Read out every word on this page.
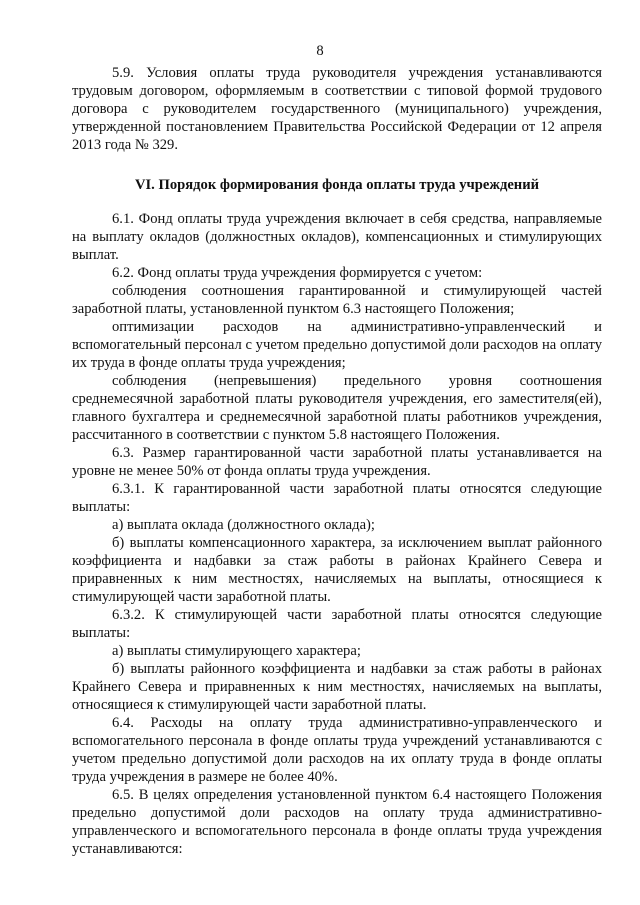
8

5.9. Условия оплаты труда руководителя учреждения устанавливаются трудовым договором, оформляемым в соответствии с типовой формой трудового договора с руководителем государственного (муниципального) учреждения, утвержденной постановлением Правительства Российской Федерации от 12 апреля 2013 года № 329.

VI. Порядок формирования фонда оплаты труда учреждений

6.1. Фонд оплаты труда учреждения включает в себя средства, направляемые на выплату окладов (должностных окладов), компенсационных и стимулирующих выплат.

6.2. Фонд оплаты труда учреждения формируется с учетом:

соблюдения соотношения гарантированной и стимулирующей частей заработной платы, установленной пунктом 6.3 настоящего Положения;

оптимизации расходов на административно-управленческий и вспомогательный персонал с учетом предельно допустимой доли расходов на оплату их труда в фонде оплаты труда учреждения;

соблюдения (непревышения) предельного уровня соотношения среднемесячной заработной платы руководителя учреждения, его заместителя(ей), главного бухгалтера и среднемесячной заработной платы работников учреждения, рассчитанного в соответствии с пунктом 5.8 настоящего Положения.

6.3. Размер гарантированной части заработной платы устанавливается на уровне не менее 50% от фонда оплаты труда учреждения.

6.3.1. К гарантированной части заработной платы относятся следующие выплаты:

а) выплата оклада (должностного оклада);

б) выплаты компенсационного характера, за исключением выплат районного коэффициента и надбавки за стаж работы в районах Крайнего Севера и приравненных к ним местностях, начисляемых на выплаты, относящиеся к стимулирующей части заработной платы.

6.3.2. К стимулирующей части заработной платы относятся следующие выплаты:

а) выплаты стимулирующего характера;

б) выплаты районного коэффициента и надбавки за стаж работы в районах Крайнего Севера и приравненных к ним местностях, начисляемых на выплаты, относящиеся к стимулирующей части заработной платы.

6.4. Расходы на оплату труда административно-управленческого и вспомогательного персонала в фонде оплаты труда учреждений устанавливаются с учетом предельно допустимой доли расходов на их оплату труда в фонде оплаты труда учреждения в размере не более 40%.

6.5. В целях определения установленной пунктом 6.4 настоящего Положения предельно допустимой доли расходов на оплату труда административно-управленческого и вспомогательного персонала в фонде оплаты труда учреждения устанавливаются:
